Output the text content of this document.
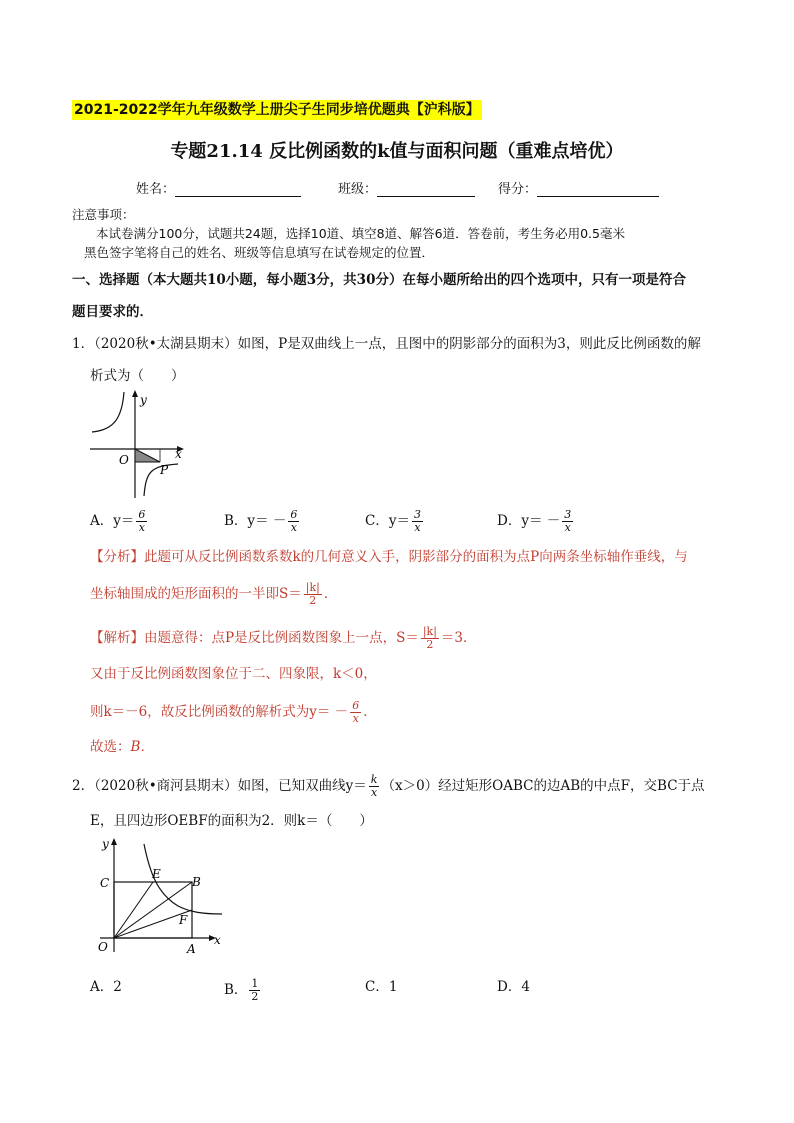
2021-2022学年九年级数学上册尖子生同步培优题典【沪科版】
专题21.14 反比例函数的k值与面积问题（重难点培优）
姓名：	班级：	得分：
注意事项：
本试卷满分100分，试题共24题，选择10道、填空8道、解答6道．答卷前，考生务必用0.5毫米
黑色签字笔将自己的姓名、班级等信息填写在试卷规定的位置．
一、选择题（本大题共10小题，每小题3分，共30分）在每小题所给出的四个选项中，只有一项是符合
题目要求的．
1．（2020秋•太湖县期末）如图，P是双曲线上一点，且图中的阴影部分的面积为3，则此反比例函数的解
析式为（　　）
y
x
O
P
A．$y= \frac{6}{x}$	B．$y= - \frac{6}{x}$	C．$y= \frac{3}{x}$	D．$y= - \frac{3}{x}$
【分析】此题可从反比例函数系数k的几何意义入手，阴影部分的面积为点P向两条坐标轴作垂线，与
坐标轴围成的矩形面积的一半即$S= \frac{|k|}{2}$ ．
【解析】由题意得：点P是反比例函数图象上一点，$S= \frac{|k|}{2} =3$．
又由于反比例函数图象位于二、四象限，k＜0，
则k＝－6，故反比例函数的解析式为$y= - \frac{6}{x}$ ．
故选：B．
2．（2020秋•商河县期末）如图，已知双曲线$y= \frac{k}{x} (x>0)$经过矩形OABC的边AB的中点F，交BC于点
E，且四边形OEBF的面积为2．则k＝（　　）
y
x
O	A
B
C
E
F
A．2	B． $\frac{1}{2}$	C．1	D．4
